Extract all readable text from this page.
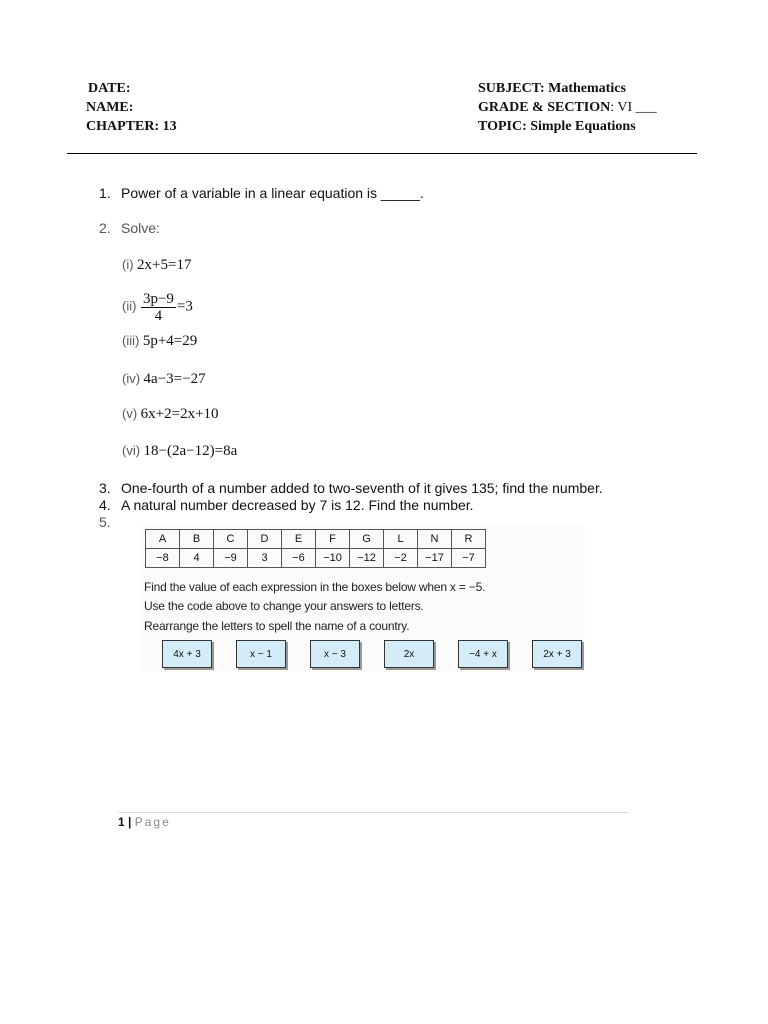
DATE:
NAME:
CHAPTER: 13
SUBJECT: Mathematics
GRADE & SECTION: VI ___
TOPIC: Simple Equations
1. Power of a variable in a linear equation is _____.
2. Solve:
(i) 2x+5=17
$(ii) \frac{3p-9}{4} =3$
(iii) 5p+4=29
(iv) 4a−3=−27
(v) 6x+2=2x+10
(vi) 18−(2a−12)=8a
3. One-fourth of a number added to two-seventh of it gives 135; find the number.
4. A natural number decreased by 7 is 12. Find the number.
5.
A	B	C	D	E	F	G	L	N	R
−8	4	−9	3	−6	−10	−12	−2	−17	−7
Find the value of each expression in the boxes below when x = −5.
Use the code above to change your answers to letters.
Rearrange the letters to spell the name of a country.
4x + 3	x − 1	x − 3	2x	−4 + x	2x + 3
1 | Page
